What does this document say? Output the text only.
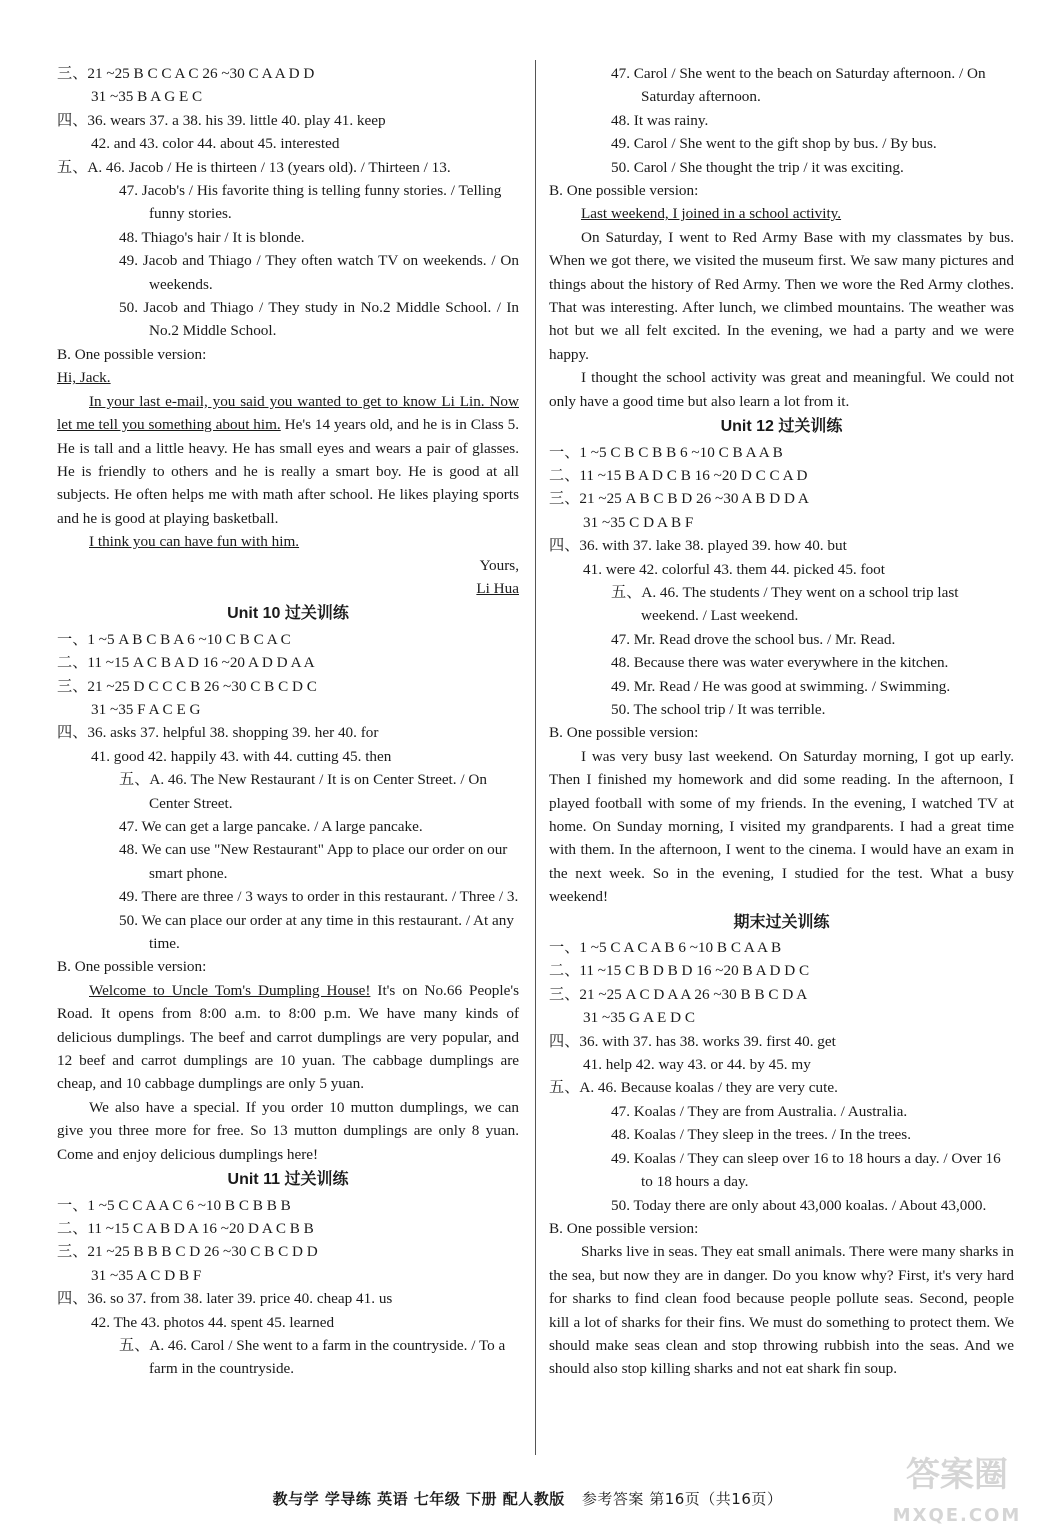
三、21 ~25 B C C A C 26 ~30 C A A D D
31 ~35 B A G E C
四、36. wears 37. a 38. his 39. little 40. play 41. keep
42. and 43. color 44. about 45. interested
五、A. 46. Jacob / He is thirteen / 13 (years old). / Thirteen / 13.
47. Jacob's / His favorite thing is telling funny stories. / Telling funny stories.
48. Thiago's hair / It is blonde.
49. Jacob and Thiago / They often watch TV on weekends. / On weekends.
50. Jacob and Thiago / They study in No.2 Middle School. / In No.2 Middle School.
B. One possible version:
Hi, Jack.
In your last e-mail, you said you wanted to get to know Li Lin. Now let me tell you something about him. He's 14 years old, and he is in Class 5. He is tall and a little heavy. He has small eyes and wears a pair of glasses. He is friendly to others and he is really a smart boy. He is good at all subjects. He often helps me with math after school. He likes playing sports and he is good at playing basketball.
I think you can have fun with him.
Yours,
Li Hua
Unit 10 过关训练
一、1 ~5 A B C B A 6 ~10 C B C A C
二、11 ~15 A C B A D 16 ~20 A D D A A
三、21 ~25 D C C C B 26 ~30 C B C D C
31 ~35 F A C E G
四、36. asks 37. helpful 38. shopping 39. her 40. for
41. good 42. happily 43. with 44. cutting 45. then
五、A. 46. The New Restaurant / It is on Center Street. / On Center Street.
47. We can get a large pancake. / A large pancake.
48. We can use "New Restaurant" App to place our order on our smart phone.
49. There are three / 3 ways to order in this restaurant. / Three / 3.
50. We can place our order at any time in this restaurant. / At any time.
B. One possible version:
Welcome to Uncle Tom's Dumpling House! It's on No.66 People's Road. It opens from 8:00 a.m. to 8:00 p.m. We have many kinds of delicious dumplings. The beef and carrot dumplings are very popular, and 12 beef and carrot dumplings are 10 yuan. The cabbage dumplings are cheap, and 10 cabbage dumplings are only 5 yuan.
We also have a special. If you order 10 mutton dumplings, we can give you three more for free. So 13 mutton dumplings are only 8 yuan. Come and enjoy delicious dumplings here!
Unit 11 过关训练
一、1 ~5 C C A A C 6 ~10 B C B B B
二、11 ~15 C A B D A 16 ~20 D A C B B
三、21 ~25 B B B C D 26 ~30 C B C D D
31 ~35 A C D B F
四、36. so 37. from 38. later 39. price 40. cheap 41. us
42. The 43. photos 44. spent 45. learned
五、A. 46. Carol / She went to a farm in the countryside. / To a farm in the countryside.
47. Carol / She went to the beach on Saturday afternoon. / On Saturday afternoon.
48. It was rainy.
49. Carol / She went to the gift shop by bus. / By bus.
50. Carol / She thought the trip / it was exciting.
B. One possible version:
Last weekend, I joined in a school activity.
On Saturday, I went to Red Army Base with my classmates by bus. When we got there, we visited the museum first. We saw many pictures and things about the history of Red Army. Then we wore the Red Army clothes. That was interesting. After lunch, we climbed mountains. The weather was hot but we all felt excited. In the evening, we had a party and we were happy.
I thought the school activity was great and meaningful. We could not only have a good time but also learn a lot from it.
Unit 12 过关训练
一、1 ~5 C B C B B 6 ~10 C B A A B
二、11 ~15 B A D C B 16 ~20 D C C A D
三、21 ~25 A B C B D 26 ~30 A B D D A
31 ~35 C D A B F
四、36. with 37. lake 38. played 39. how 40. but
41. were 42. colorful 43. them 44. picked 45. foot
五、A. 46. The students / They went on a school trip last weekend. / Last weekend.
47. Mr. Read drove the school bus. / Mr. Read.
48. Because there was water everywhere in the kitchen.
49. Mr. Read / He was good at swimming. / Swimming.
50. The school trip / It was terrible.
B. One possible version:
I was very busy last weekend. On Saturday morning, I got up early. Then I finished my homework and did some reading. In the afternoon, I played football with some of my friends. In the evening, I watched TV at home. On Sunday morning, I visited my grandparents. I had a great time with them. In the afternoon, I went to the cinema. I would have an exam in the next week. So in the evening, I studied for the test. What a busy weekend!
期末过关训练
一、1 ~5 C A C A B 6 ~10 B C A A B
二、11 ~15 C B D B D 16 ~20 B A D D C
三、21 ~25 A C D A A 26 ~30 B B C D A
31 ~35 G A E D C
四、36. with 37. has 38. works 39. first 40. get
41. help 42. way 43. or 44. by 45. my
五、A. 46. Because koalas / they are very cute.
47. Koalas / They are from Australia. / Australia.
48. Koalas / They sleep in the trees. / In the trees.
49. Koalas / They can sleep over 16 to 18 hours a day. / Over 16 to 18 hours a day.
50. Today there are only about 43,000 koalas. / About 43,000.
B. One possible version:
Sharks live in seas. They eat small animals. There were many sharks in the sea, but now they are in danger. Do you know why? First, it's very hard for sharks to find clean food because people pollute seas. Second, people kill a lot of sharks for their fins. We must do something to protect them. We should make seas clean and stop throwing rubbish into the seas. And we should also stop killing sharks and not eat shark fin soup.
教与学 学导练 英语 七年级 下册 配人教版 参考答案 第16页（共16页）
答案圈
MXQE.COM
